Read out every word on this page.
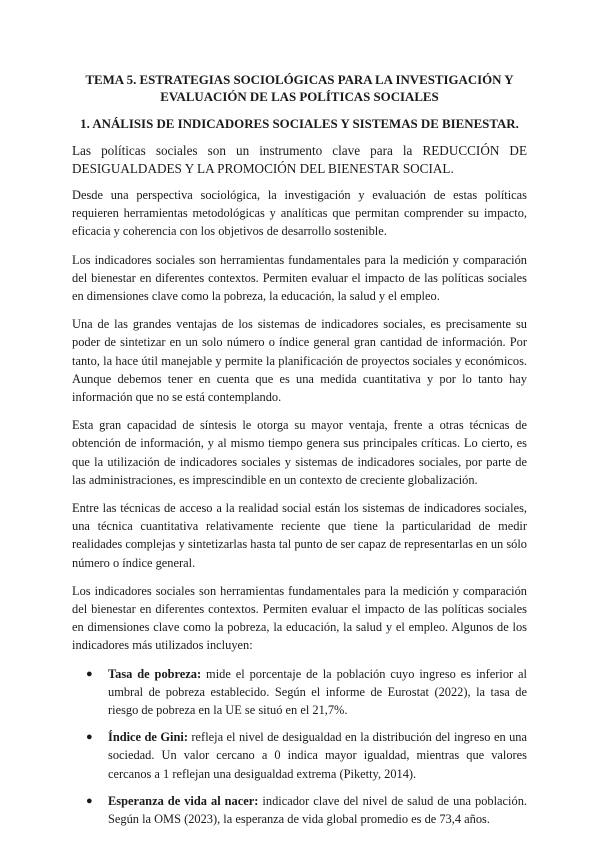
TEMA 5. ESTRATEGIAS SOCIOLÓGICAS PARA LA INVESTIGACIÓN Y EVALUACIÓN DE LAS POLÍTICAS SOCIALES
1. ANÁLISIS DE INDICADORES SOCIALES Y SISTEMAS DE BIENESTAR.

Las políticas sociales son un instrumento clave para la REDUCCIÓN DE DESIGUALDADES Y LA PROMOCIÓN DEL BIENESTAR SOCIAL.

Desde una perspectiva sociológica, la investigación y evaluación de estas políticas requieren herramientas metodológicas y analíticas que permitan comprender su impacto, eficacia y coherencia con los objetivos de desarrollo sostenible.

Los indicadores sociales son herramientas fundamentales para la medición y comparación del bienestar en diferentes contextos. Permiten evaluar el impacto de las políticas sociales en dimensiones clave como la pobreza, la educación, la salud y el empleo.

Una de las grandes ventajas de los sistemas de indicadores sociales, es precisamente su poder de sintetizar en un solo número o índice general gran cantidad de información. Por tanto, la hace útil manejable y permite la planificación de proyectos sociales y económicos. Aunque debemos tener en cuenta que es una medida cuantitativa y por lo tanto hay información que no se está contemplando.

Esta gran capacidad de síntesis le otorga su mayor ventaja, frente a otras técnicas de obtención de información, y al mismo tiempo genera sus principales críticas. Lo cierto, es que la utilización de indicadores sociales y sistemas de indicadores sociales, por parte de las administraciones, es imprescindible en un contexto de creciente globalización.

Entre las técnicas de acceso a la realidad social están los sistemas de indicadores sociales, una técnica cuantitativa relativamente reciente que tiene la particularidad de medir realidades complejas y sintetizarlas hasta tal punto de ser capaz de representarlas en un sólo número o índice general.

Los indicadores sociales son herramientas fundamentales para la medición y comparación del bienestar en diferentes contextos. Permiten evaluar el impacto de las políticas sociales en dimensiones clave como la pobreza, la educación, la salud y el empleo. Algunos de los indicadores más utilizados incluyen:

● Tasa de pobreza: mide el porcentaje de la población cuyo ingreso es inferior al umbral de pobreza establecido. Según el informe de Eurostat (2022), la tasa de riesgo de pobreza en la UE se situó en el 21,7%.
● Índice de Gini: refleja el nivel de desigualdad en la distribución del ingreso en una sociedad. Un valor cercano a 0 indica mayor igualdad, mientras que valores cercanos a 1 reflejan una desigualdad extrema (Piketty, 2014).
● Esperanza de vida al nacer: indicador clave del nivel de salud de una población. Según la OMS (2023), la esperanza de vida global promedio es de 73,4 años.
